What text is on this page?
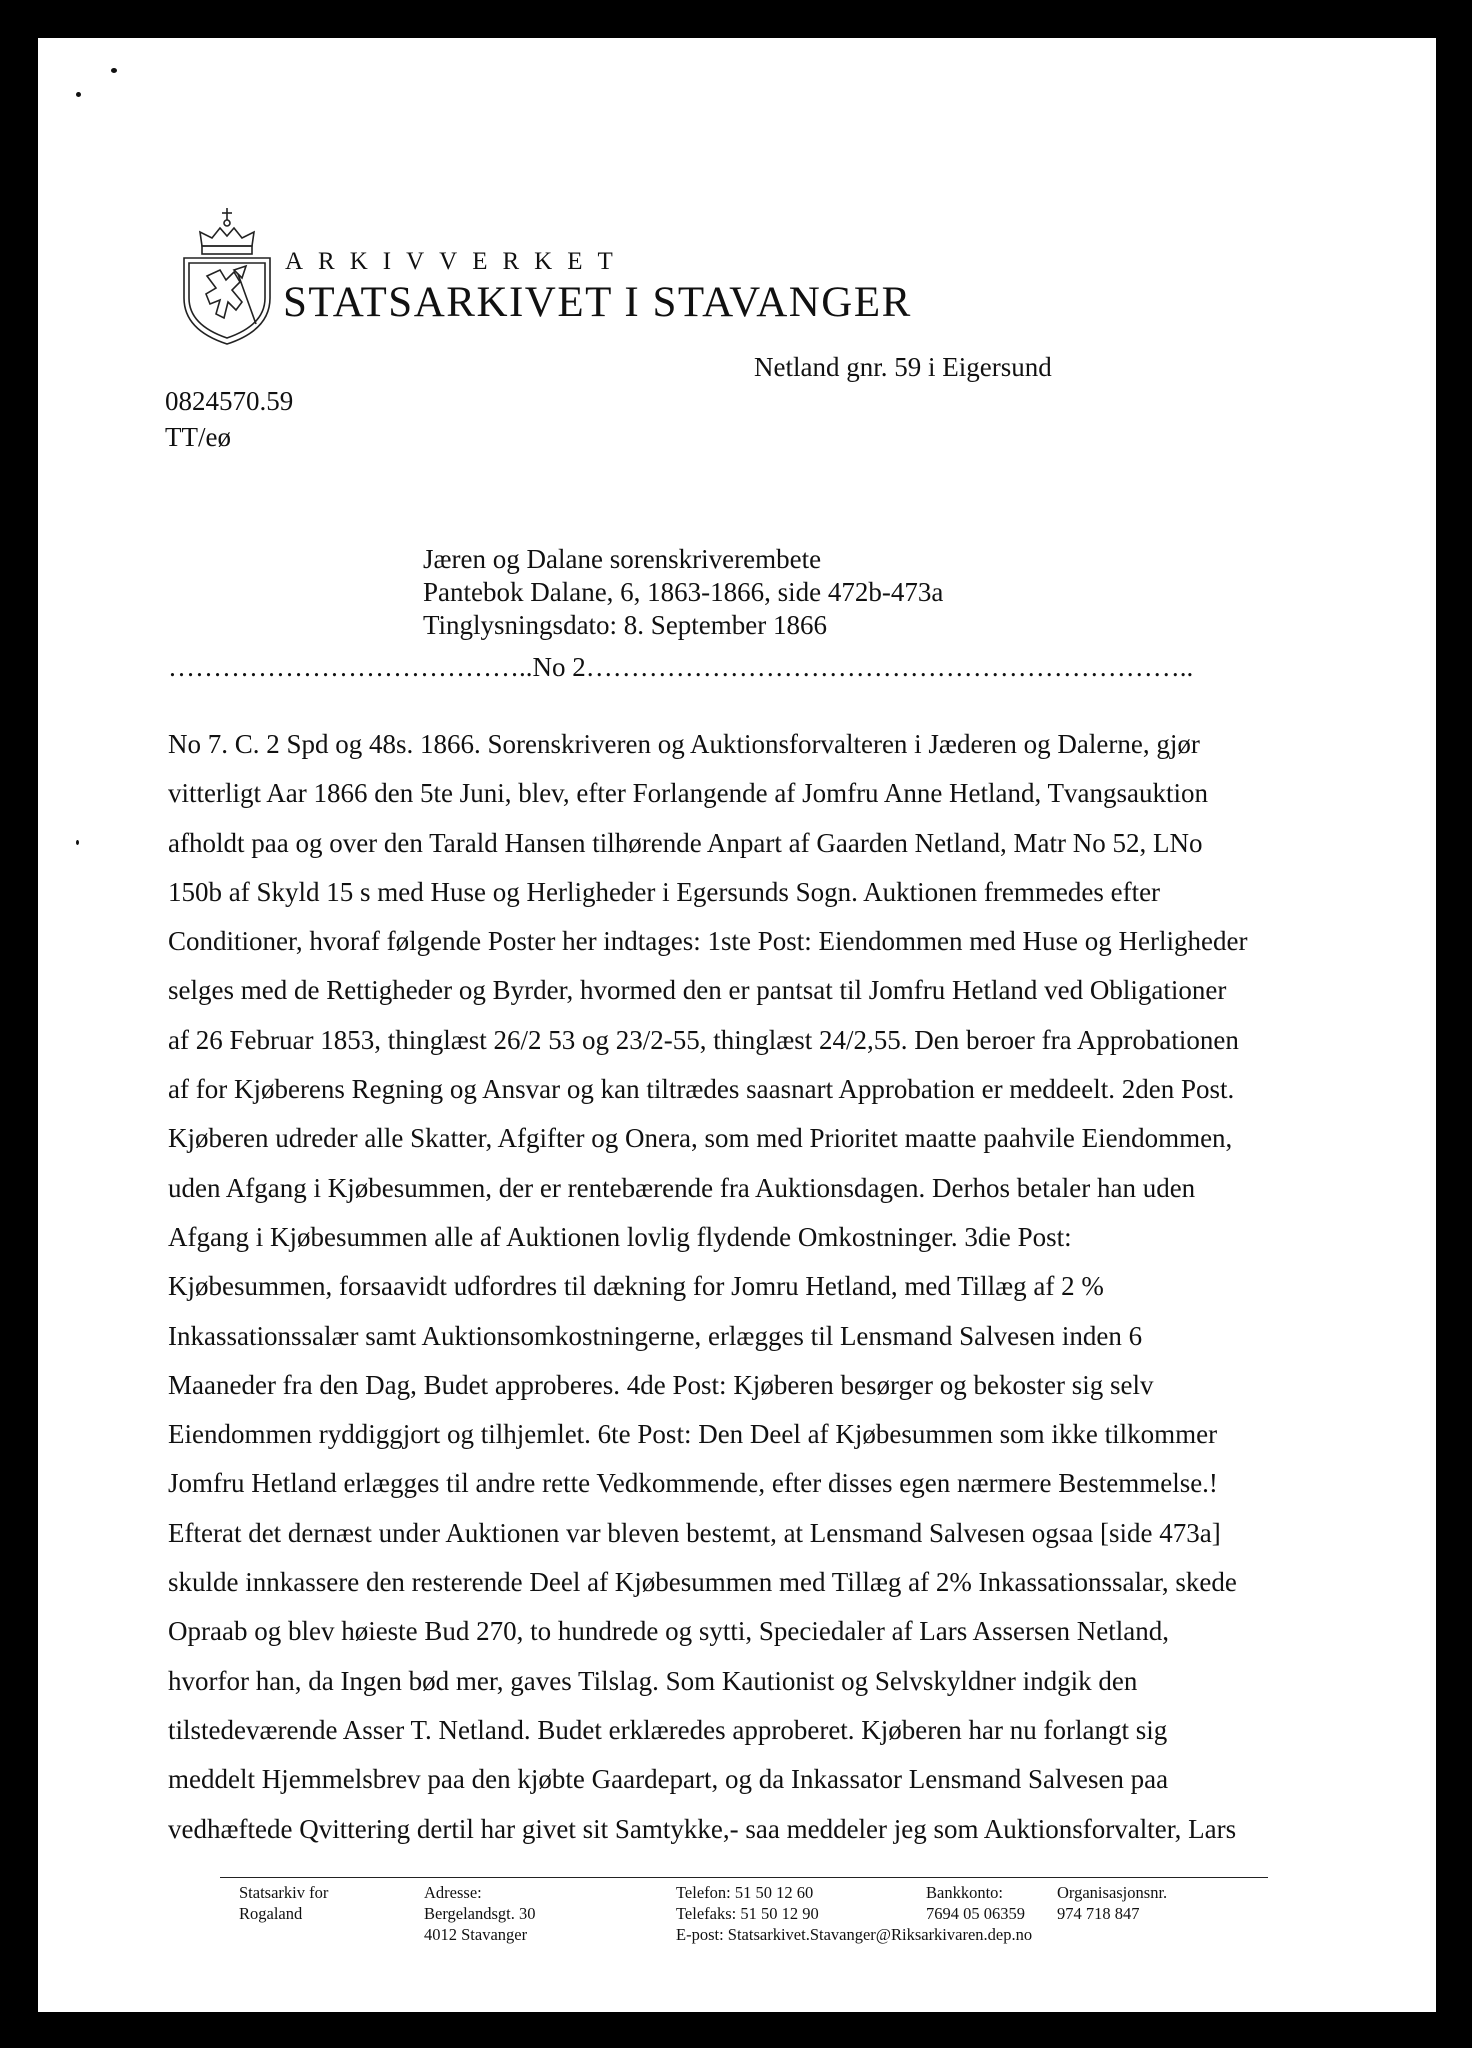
ARKIVVERKET
STATSARKIVET I STAVANGER
Netland gnr. 59 i Eigersund
0824570.59
TT/eø
Jæren og Dalane sorenskriverembete
Pantebok Dalane, 6, 1863-1866, side 472b-473a
Tinglysningsdato: 8. September 1866
…………………………………..No 2…………………………………………………………..
No 7. C. 2 Spd og 48s. 1866. Sorenskriveren og Auktionsforvalteren i Jæderen og Dalerne, gjør
vitterligt Aar 1866 den 5te Juni, blev, efter Forlangende af Jomfru Anne Hetland, Tvangsauktion
afholdt paa og over den Tarald Hansen tilhørende Anpart af Gaarden Netland, Matr No 52, LNo
150b af Skyld 15 s med Huse og Herligheder i Egersunds Sogn. Auktionen fremmedes efter
Conditioner, hvoraf følgende Poster her indtages: 1ste Post: Eiendommen med Huse og Herligheder
selges med de Rettigheder og Byrder, hvormed den er pantsat til Jomfru Hetland ved Obligationer
af 26 Februar 1853, thinglæst 26/2 53 og 23/2-55, thinglæst 24/2,55. Den beroer fra Approbationen
af for Kjøberens Regning og Ansvar og kan tiltrædes saasnart Approbation er meddeelt. 2den Post.
Kjøberen udreder alle Skatter, Afgifter og Onera, som med Prioritet maatte paahvile Eiendommen,
uden Afgang i Kjøbesummen, der er rentebærende fra Auktionsdagen. Derhos betaler han uden
Afgang i Kjøbesummen alle af Auktionen lovlig flydende Omkostninger. 3die Post:
Kjøbesummen, forsaavidt udfordres til dækning for Jomru Hetland, med Tillæg af 2 %
Inkassationssalær samt Auktionsomkostningerne, erlægges til Lensmand Salvesen inden 6
Maaneder fra den Dag, Budet approberes. 4de Post: Kjøberen besørger og bekoster sig selv
Eiendommen ryddiggjort og tilhjemlet. 6te Post: Den Deel af Kjøbesummen som ikke tilkommer
Jomfru Hetland erlægges til andre rette Vedkommende, efter disses egen nærmere Bestemmelse.!
Efterat det dernæst under Auktionen var bleven bestemt, at Lensmand Salvesen ogsaa [side 473a]
skulde innkassere den resterende Deel af Kjøbesummen med Tillæg af 2% Inkassationssalar, skede
Opraab og blev høieste Bud 270, to hundrede og sytti, Speciedaler af Lars Assersen Netland,
hvorfor han, da Ingen bød mer, gaves Tilslag. Som Kautionist og Selvskyldner indgik den
tilstedeværende Asser T. Netland. Budet erklæredes approberet. Kjøberen har nu forlangt sig
meddelt Hjemmelsbrev paa den kjøbte Gaardepart, og da Inkassator Lensmand Salvesen paa
vedhæftede Qvittering dertil har givet sit Samtykke,- saa meddeler jeg som Auktionsforvalter, Lars
Statsarkiv for
Rogaland
Adresse:
Bergelandsgt. 30
4012 Stavanger
Telefon: 51 50 12 60
Telefaks: 51 50 12 90
E-post: Statsarkivet.Stavanger@Riksarkivaren.dep.no
Bankkonto:
7694 05 06359
Organisasjonsnr.
974 718 847
